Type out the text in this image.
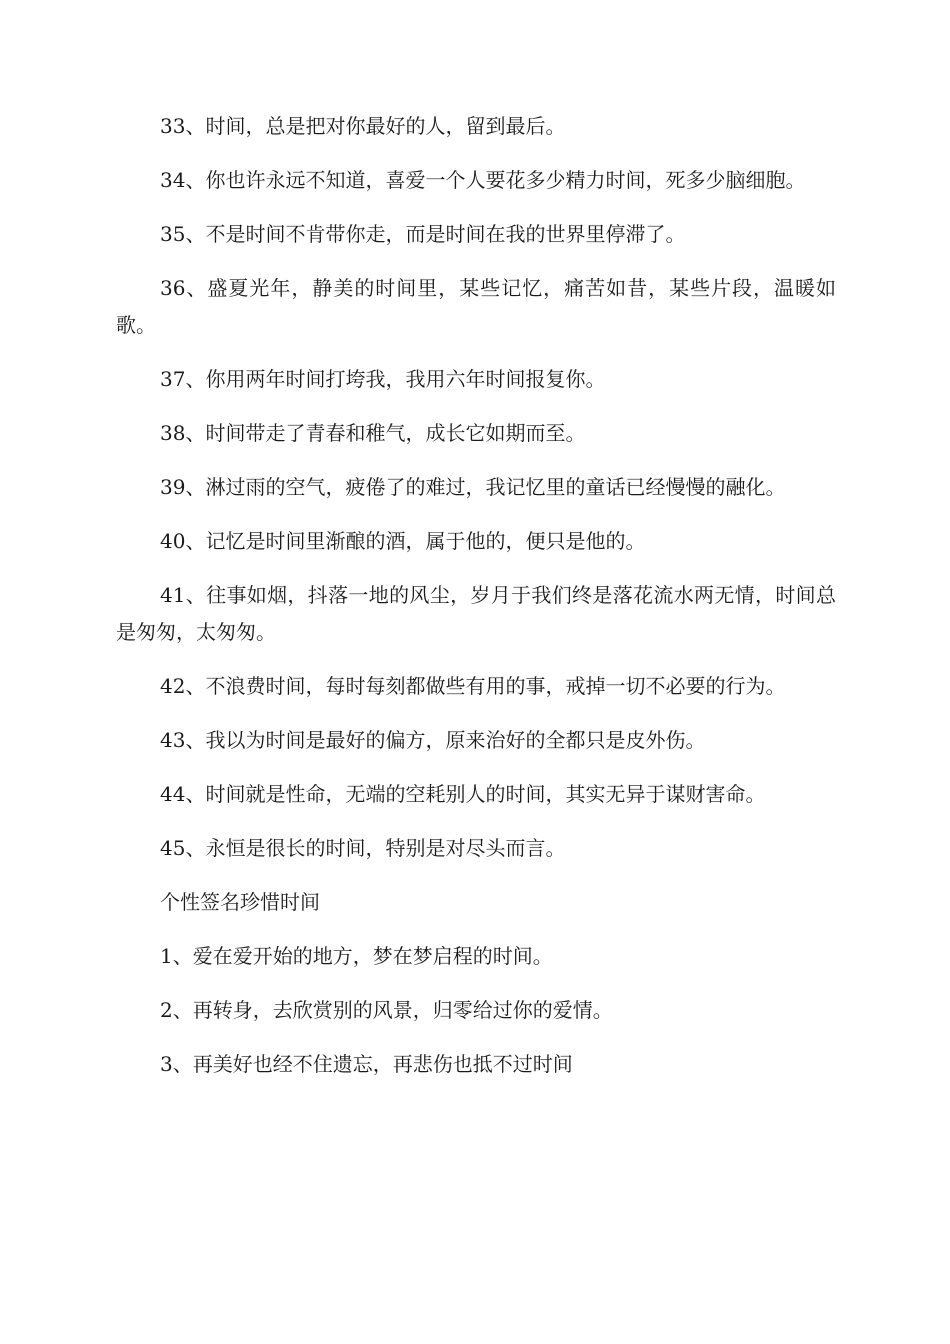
33、时间，总是把对你最好的人，留到最后。

34、你也许永远不知道，喜爱一个人要花多少精力时间，死多少脑细胞。

35、不是时间不肯带你走，而是时间在我的世界里停滞了。

36、盛夏光年，静美的时间里，某些记忆，痛苦如昔，某些片段，温暖如歌。

37、你用两年时间打垮我，我用六年时间报复你。

38、时间带走了青春和稚气，成长它如期而至。

39、淋过雨的空气，疲倦了的难过，我记忆里的童话已经慢慢的融化。

40、记忆是时间里渐酿的酒，属于他的，便只是他的。

41、往事如烟，抖落一地的风尘，岁月于我们终是落花流水两无情，时间总是匆匆，太匆匆。

42、不浪费时间，每时每刻都做些有用的事，戒掉一切不必要的行为。

43、我以为时间是最好的偏方，原来治好的全都只是皮外伤。

44、时间就是性命，无端的空耗别人的时间，其实无异于谋财害命。

45、永恒是很长的时间，特别是对尽头而言。

个性签名珍惜时间

1、爱在爱开始的地方，梦在梦启程的时间。

2、再转身，去欣赏别的风景，归零给过你的爱情。

3、再美好也经不住遗忘，再悲伤也抵不过时间
